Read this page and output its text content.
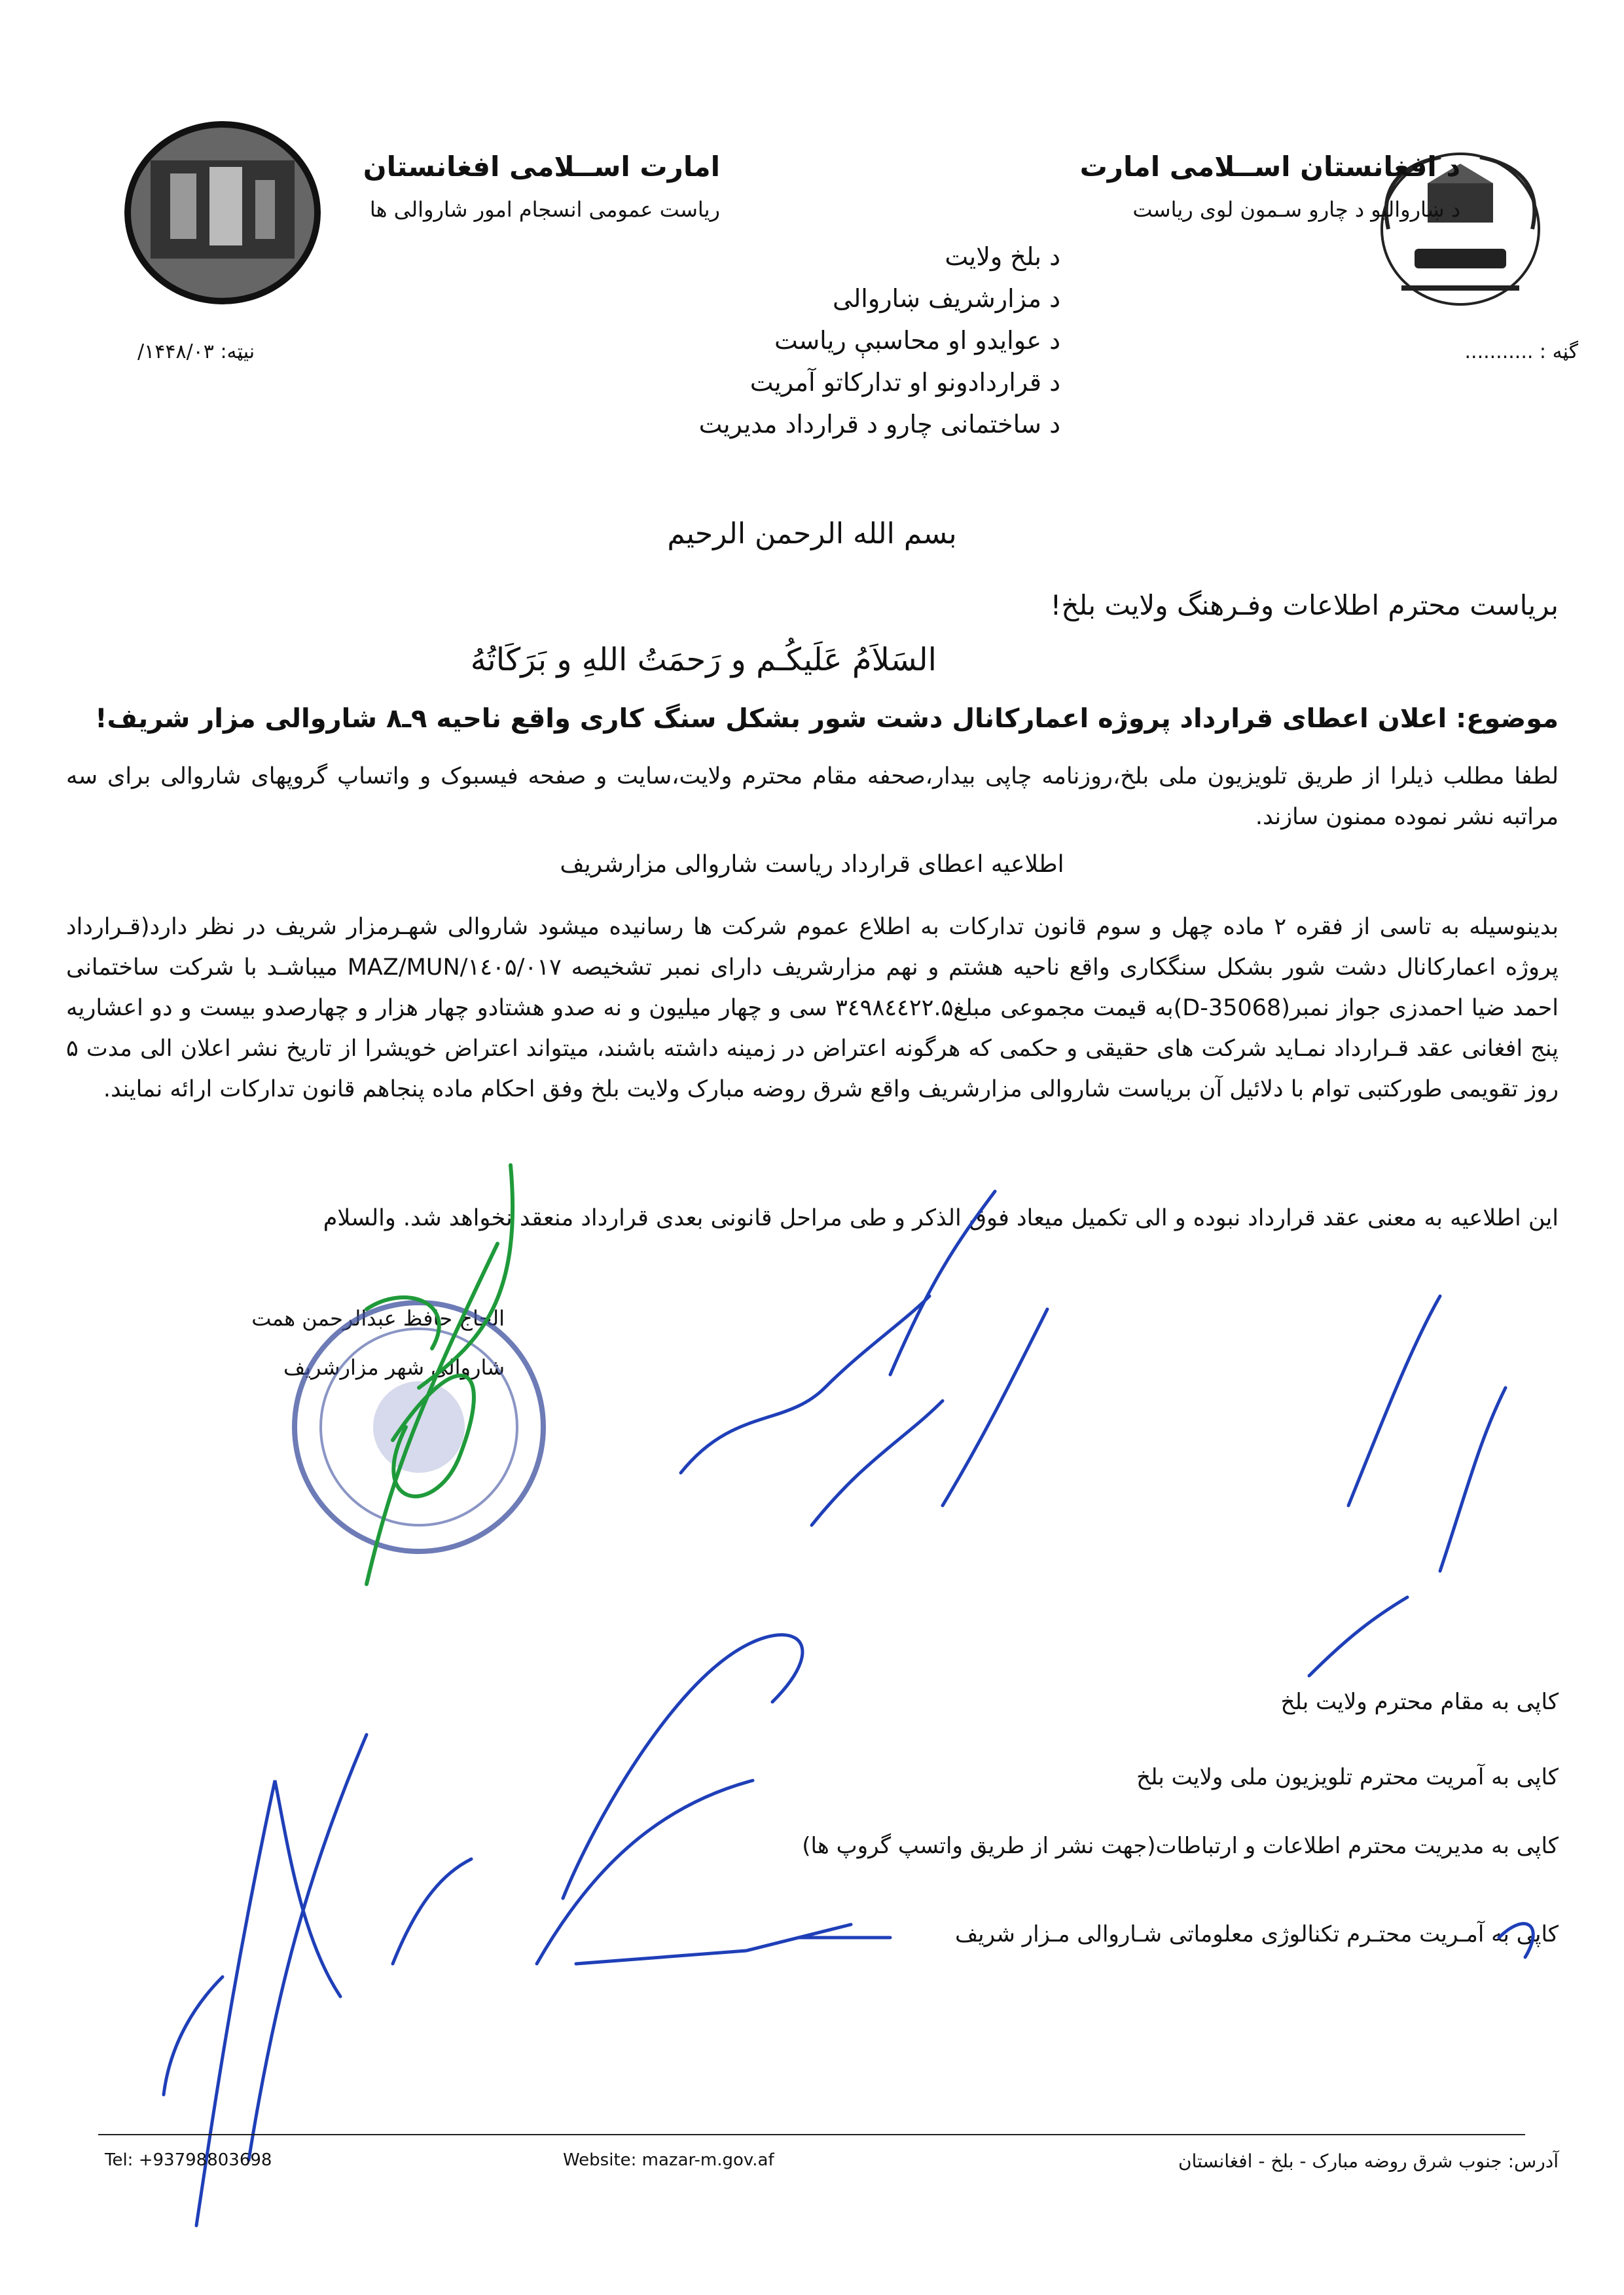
د افغانستان اســلامی امارت
د ښاروالیو د چارو سـمون لوی ریاست
امارت اســلامی افغانستان
ریاست عمومی انسجام امور شاروالی ها
گڼه : ...........
نیټه: ۱۴۴۸/۰۳/
د بلخ ولایت
د مزارشریف ښاروالی
د عوایدو او محاسبې ریاست
د قراردادونو او تدارکاتو آمریت
د ساختمانی چارو د قرارداد مدیریت
بسم الله الرحمن الرحیم
بریاست محترم اطلاعات وفـرهنگ ولایت بلخ!
السَلاَمُ عَلَيكُـم و رَحمَتُ اللهِ و بَرَكَاتُهُ
موضوع: اعلان اعطای قرارداد پروژه اعمارکانال دشت شور بشکل سنگ کاری واقع ناحیه ۹ـ۸ شاروالی مزار شریف!
لطفا مطلب ذیلرا از طریق تلویزیون ملی بلخ،روزنامه چاپی بیدار،صحفه مقام محترم ولایت،سایت و صفحه فیسبوک و واتساپ گروپهای شاروالی برای سه مراتبه نشر نموده ممنون سازند.
اطلاعیه اعطای قرارداد ریاست شاروالی مزارشریف
بدینوسیله به تاسی از فقره ۲ ماده چهل و سوم قانون تدارکات به اطلاع عموم شرکت ها رسانیده میشود شاروالی شهـرمزار شریف در نظر دارد(قـرارداد پروژه اعمارکانال دشت شور بشکل سنگکاری واقع ناحیه هشتم و نهم مزارشریف دارای نمبر تشخیصه MAZ/MUN/۱٤۰۵/۰۱۷ میباشـد با شرکت ساختمانی احمد ضیا احمدزی جواز نمبر(D-35068)به قیمت مجموعی مبلغ۳٤۹۸٤٤۲۲.۵ سی و چهار میلیون و نه صدو هشتادو چهار هزار و چهارصدو بیست و دو اعشاریه پنج افغانی عقد قـرارداد نمـاید شرکت های حقیقی و حکمی که هرگونه اعتراض در زمینه داشته باشند، میتواند اعتراض خویشرا از تاریخ نشر اعلان الی مدت ۵ روز تقویمی طورکتبی توام با دلائیل آن بریاست شاروالی مزارشریف واقع شرق روضه مبارک ولایت بلخ وفق احکام ماده پنجاهم قانون تدارکات ارائه نمایند.
این اطلاعیه به معنی عقد قرارداد نبوده و الی تکمیل میعاد فوق الذکر و طی مراحل قانونی بعدی قرارداد منعقد نخواهد شد. والسلام
الحاج حافظ عبدالرحمن همت
شاروالی شهر مزارشریف
کاپی به مقام محترم ولایت بلخ
کاپی به آمریت محترم تلویزیون ملی ولایت بلخ
کاپی به مدیریت محترم اطلاعات و ارتباطات(جهت نشر از طریق واتسپ گروپ ها)
کاپی به آمـریت محتـرم تکنالوژی معلوماتی شـاروالی مـزار شریف
Tel: +93798803698	Website: mazar-m.gov.af	آدرس: جنوب شرق روضه مبارک - بلخ - افغانستان
